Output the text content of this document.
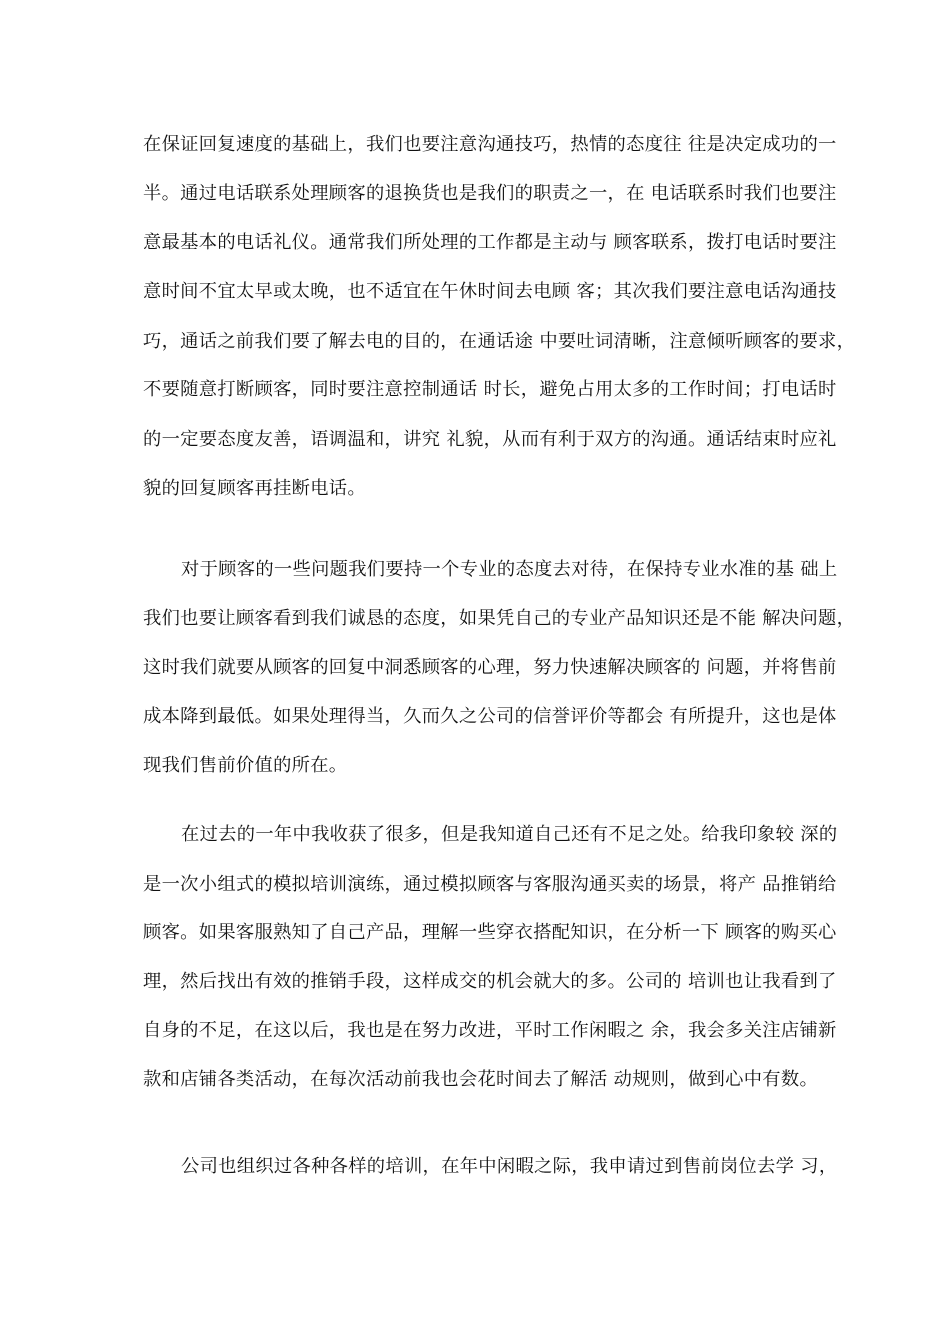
在保证回复速度的基础上，我们也要注意沟通技巧，热情的态度往 往是决定成功的一
半。通过电话联系处理顾客的退换货也是我们的职责之一，在 电话联系时我们也要注
意最基本的电话礼仪。通常我们所处理的工作都是主动与 顾客联系，拨打电话时要注
意时间不宜太早或太晚，也不适宜在午休时间去电顾 客；其次我们要注意电话沟通技
巧，通话之前我们要了解去电的目的，在通话途 中要吐词清晰，注意倾听顾客的要求，
不要随意打断顾客，同时要注意控制通话 时长，避免占用太多的工作时间；打电话时
的一定要态度友善，语调温和，讲究 礼貌，从而有利于双方的沟通。通话结束时应礼
貌的回复顾客再挂断电话。
对于顾客的一些问题我们要持一个专业的态度去对待，在保持专业水准的基 础上
我们也要让顾客看到我们诚恳的态度，如果凭自己的专业产品知识还是不能 解决问题，
这时我们就要从顾客的回复中洞悉顾客的心理，努力快速解决顾客的 问题，并将售前
成本降到最低。如果处理得当，久而久之公司的信誉评价等都会 有所提升，这也是体
现我们售前价值的所在。
在过去的一年中我收获了很多，但是我知道自己还有不足之处。给我印象较 深的
是一次小组式的模拟培训演练，通过模拟顾客与客服沟通买卖的场景，将产 品推销给
顾客。如果客服熟知了自己产品，理解一些穿衣搭配知识，在分析一下 顾客的购买心
理，然后找出有效的推销手段，这样成交的机会就大的多。公司的 培训也让我看到了
自身的不足，在这以后，我也是在努力改进，平时工作闲暇之 余，我会多关注店铺新
款和店铺各类活动，在每次活动前我也会花时间去了解活 动规则，做到心中有数。
公司也组织过各种各样的培训，在年中闲暇之际，我申请过到售前岗位去学 习，
